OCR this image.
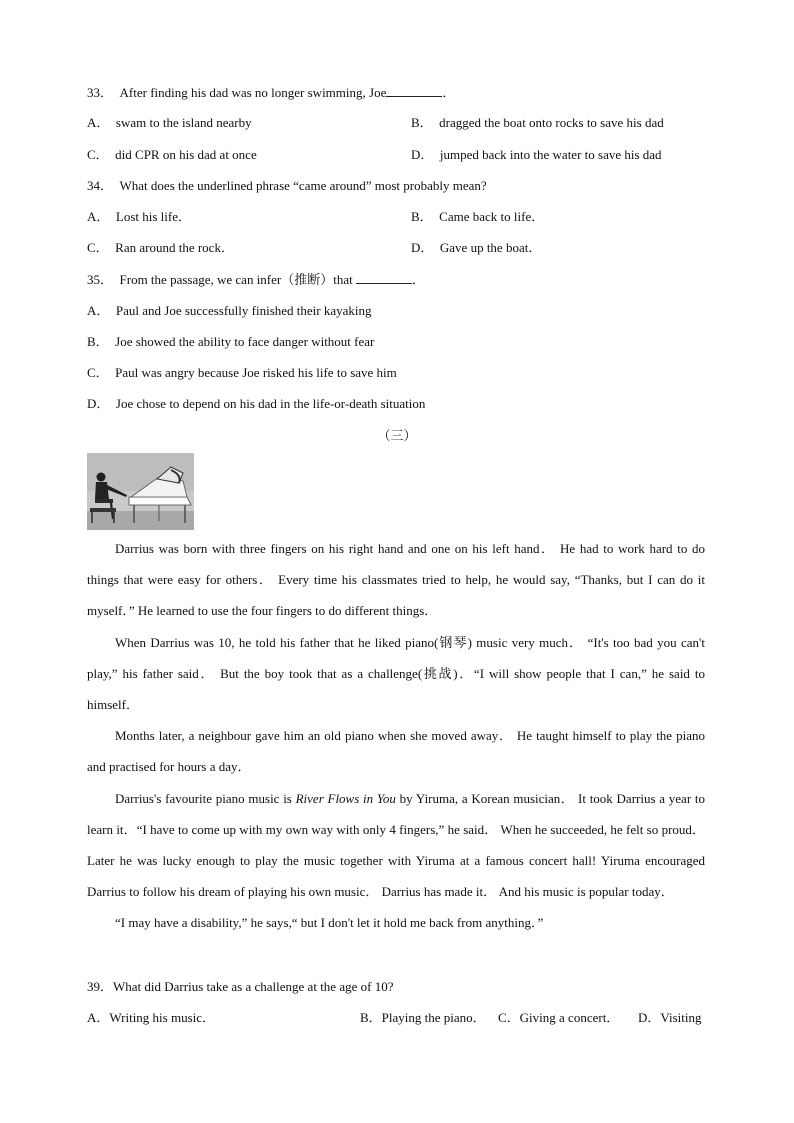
33． After finding his dad was no longer swimming, Joe	．
A． swam to the island nearby	B． dragged the boat onto rocks to save his dad
C． did CPR on his dad at once	D． jumped back into the water to save his dad
34． What does the underlined phrase “came around” most probably mean?
A． Lost his life．	B． Came back to life．
C． Ran around the rock．	D． Gave up the boat．
35． From the passage, we can infer（推断）that	．
A． Paul and Joe successfully finished their kayaking
B． Joe showed the ability to face danger without fear
C． Paul was angry because Joe risked his life to save him
D． Joe chose to depend on his dad in the life-or-death situation
（三）

Darrius was born with three fingers on his right hand and one on his left hand． He had to work hard to do things that were easy for others． Every time his classmates tried to help, he would say, “Thanks, but I can do it myself．” He learned to use the four fingers to do different things．

When Darrius was 10, he told his father that he liked piano(钢琴) music very much． “It's too bad you can't play,” his father said． But the boy took that as a challenge(挑战)．“I will show people that I can,” he said to himself．

Months later, a neighbour gave him an old piano when she moved away． He taught himself to play the piano and practised for hours a day．

Darrius's favourite piano music is River Flows in You by Yiruma, a Korean musician． It took Darrius a year to learn it．“I have to come up with my own way with only 4 fingers,” he said． When he succeeded, he felt so proud． Later he was lucky enough to play the music together with Yiruma at a famous concert hall! Yiruma encouraged Darrius to follow his dream of playing his own music． Darrius has made it． And his music is popular today．

“I may have a disability,” he says,“ but I don't let it hold me back from anything．”

39．What did Darrius take as a challenge at the age of 10?
A．Writing his music．	B．Playing the piano． C．Giving a concert． D．Visiting
